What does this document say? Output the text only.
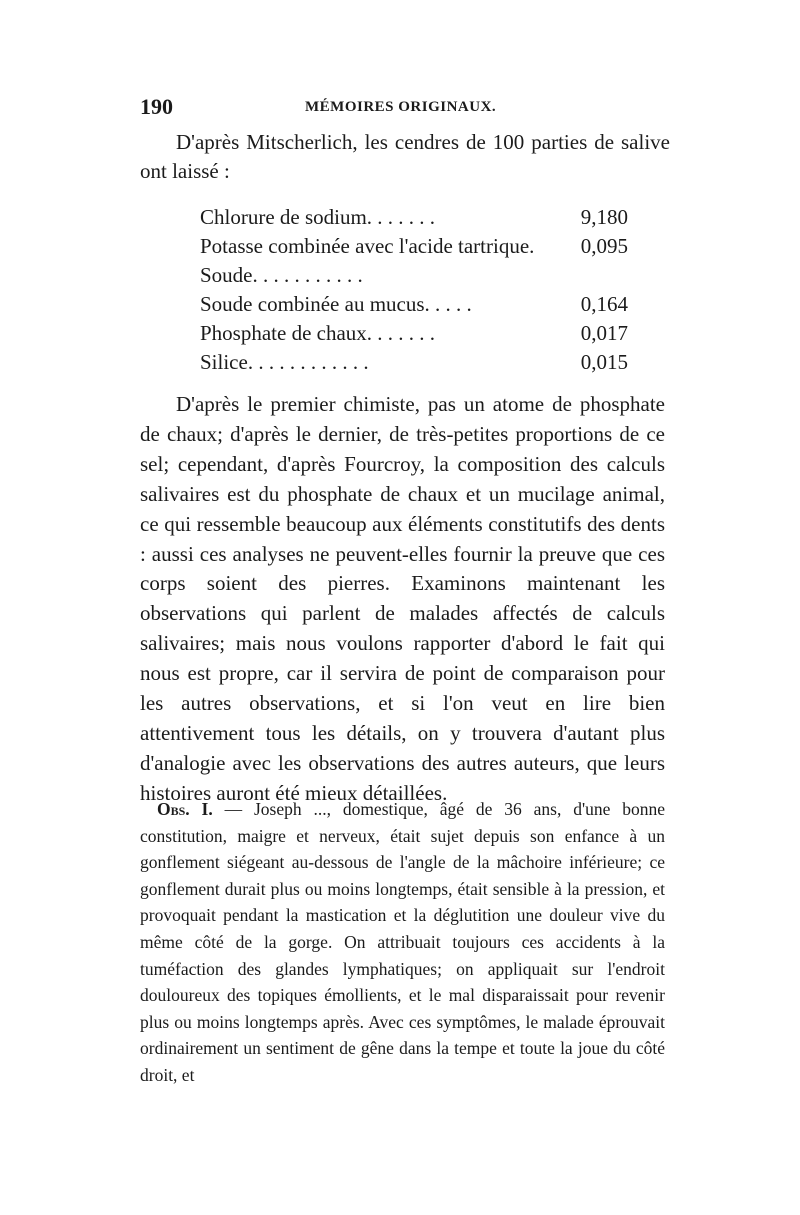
190	MÉMOIRES ORIGINAUX.

D'après Mitscherlich, les cendres de 100 parties de salive ont laissé :

Chlorure de sodium. . . . . . .	9,180
Potasse combinée avec l'acide tartrique. 0,095
Soude. . . . . . . . . . .
Soude combinée au mucus. . . . .	0,164
Phosphate de chaux. . . . . . .	0,017
Silice. . . . . . . . . . . .	0,015

D'après le premier chimiste, pas un atome de phosphate de chaux; d'après le dernier, de très-petites proportions de ce sel; cependant, d'après Fourcroy, la composition des calculs salivaires est du phosphate de chaux et un mucilage animal, ce qui ressemble beaucoup aux éléments constitutifs des dents : aussi ces analyses ne peuvent-elles fournir la preuve que ces corps soient des pierres. Examinons maintenant les observations qui parlent de malades affectés de calculs salivaires; mais nous voulons rapporter d'abord le fait qui nous est propre, car il servira de point de comparaison pour les autres observations, et si l'on veut en lire bien attentivement tous les détails, on y trouvera d'autant plus d'analogie avec les observations des autres auteurs, que leurs histoires auront été mieux détaillées.

Obs. I. — Joseph ..., domestique, âgé de 36 ans, d'une bonne constitution, maigre et nerveux, était sujet depuis son enfance à un gonflement siégeant au-dessous de l'angle de la mâchoire inférieure; ce gonflement durait plus ou moins longtemps, était sensible à la pression, et provoquait pendant la mastication et la déglutition une douleur vive du même côté de la gorge. On attribuait toujours ces accidents à la tuméfaction des glandes lymphatiques; on appliquait sur l'endroit douloureux des topiques émollients, et le mal disparaissait pour revenir plus ou moins longtemps après. Avec ces symptômes, le malade éprouvait ordinairement un sentiment de gêne dans la tempe et toute la joue du côté droit, et
